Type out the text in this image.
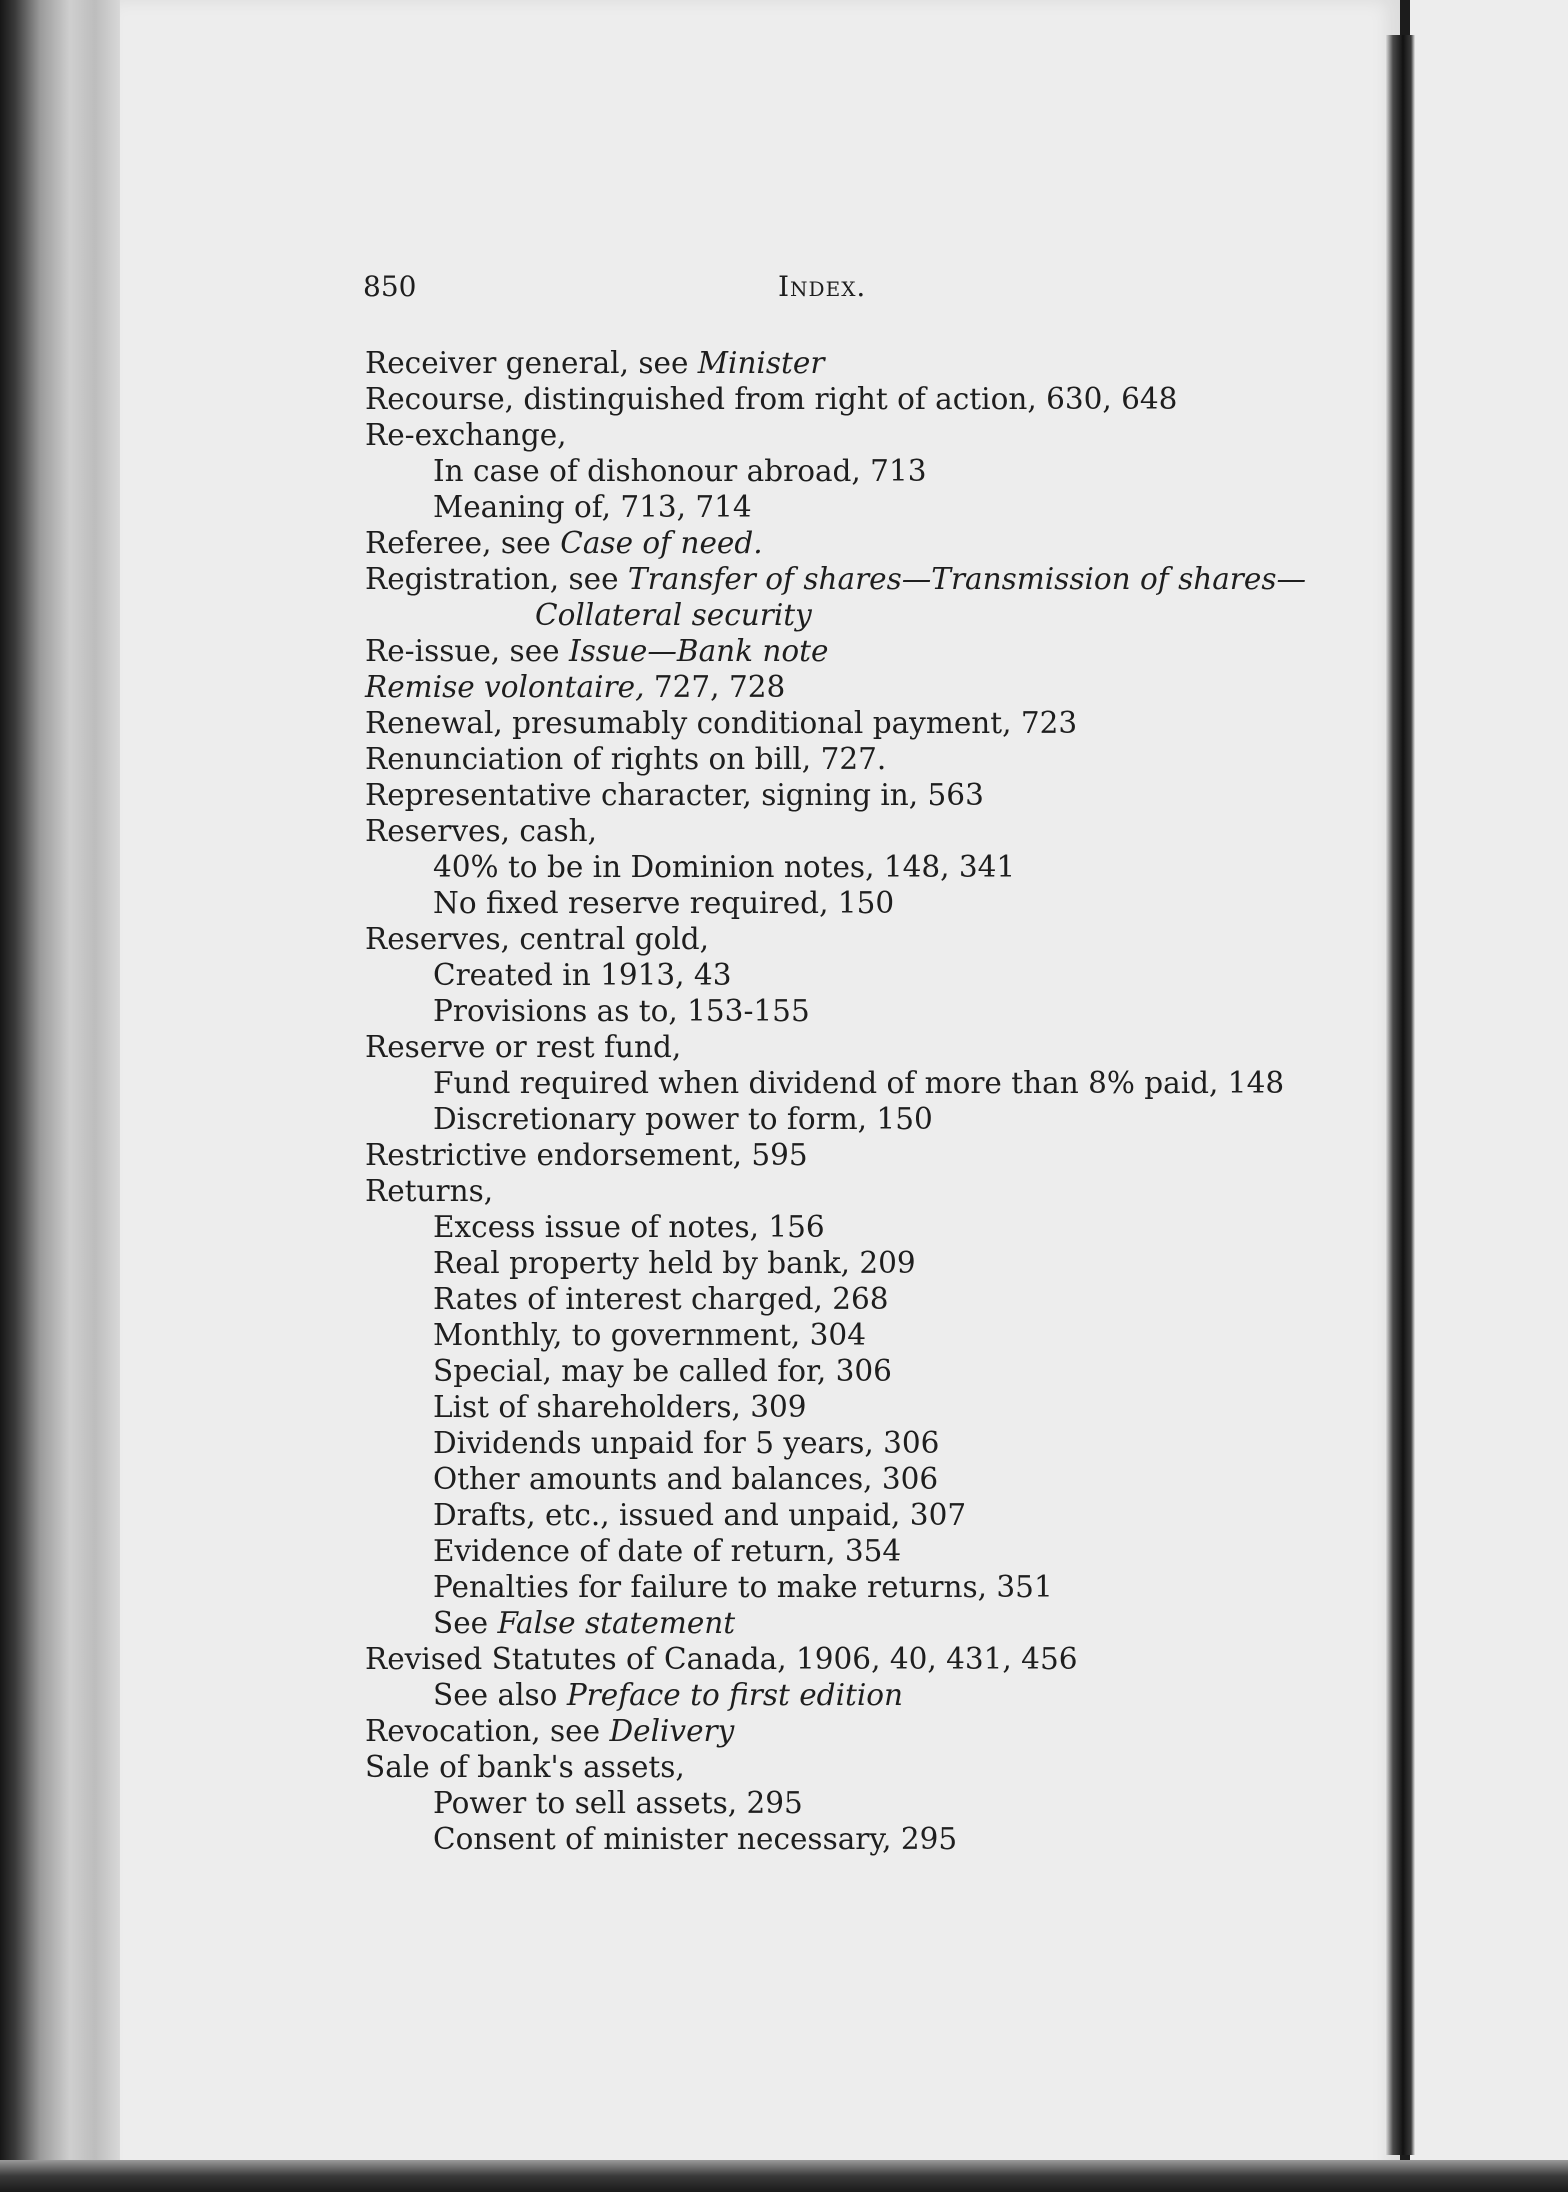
850	Index.
Receiver general, see Minister
Recourse, distinguished from right of action, 630, 648
Re-exchange,
In case of dishonour abroad, 713
Meaning of, 713, 714
Referee, see Case of need.
Registration, see Transfer of shares—Transmission of shares—
Collateral security
Re-issue, see Issue—Bank note
Remise volontaire, 727, 728
Renewal, presumably conditional payment, 723
Renunciation of rights on bill, 727.
Representative character, signing in, 563
Reserves, cash,
40% to be in Dominion notes, 148, 341
No fixed reserve required, 150
Reserves, central gold,
Created in 1913, 43
Provisions as to, 153-155
Reserve or rest fund,
Fund required when dividend of more than 8% paid, 148
Discretionary power to form, 150
Restrictive endorsement, 595
Returns,
Excess issue of notes, 156
Real property held by bank, 209
Rates of interest charged, 268
Monthly, to government, 304
Special, may be called for, 306
List of shareholders, 309
Dividends unpaid for 5 years, 306
Other amounts and balances, 306
Drafts, etc., issued and unpaid, 307
Evidence of date of return, 354
Penalties for failure to make returns, 351
See False statement
Revised Statutes of Canada, 1906, 40, 431, 456
See also Preface to first edition
Revocation, see Delivery
Sale of bank's assets,
Power to sell assets, 295
Consent of minister necessary, 295
